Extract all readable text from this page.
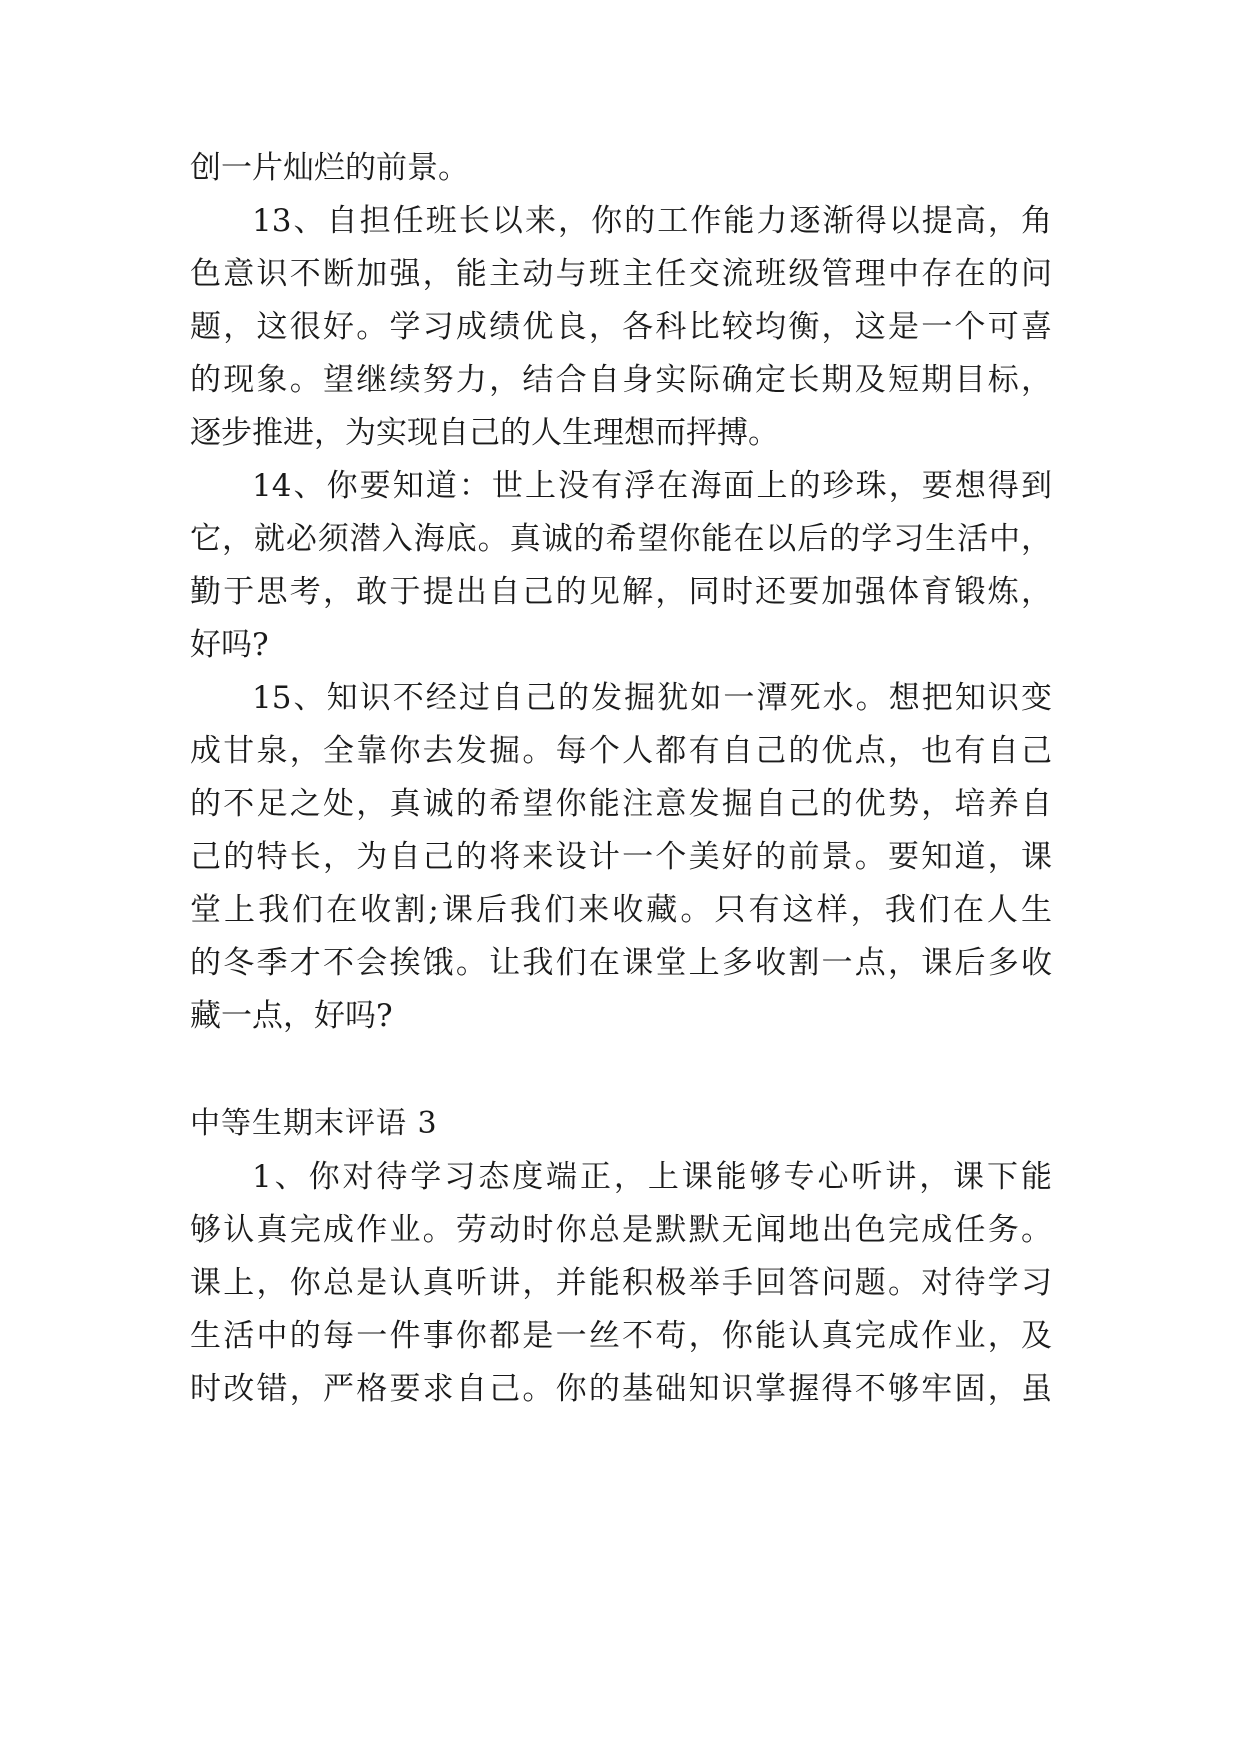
创一片灿烂的前景。
13、自担任班长以来，你的工作能力逐渐得以提高，角
色意识不断加强，能主动与班主任交流班级管理中存在的问
题，这很好。学习成绩优良，各科比较均衡，这是一个可喜
的现象。望继续努力，结合自身实际确定长期及短期目标，
逐步推进，为实现自己的人生理想而抨搏。
14、你要知道：世上没有浮在海面上的珍珠，要想得到
它，就必须潜入海底。真诚的希望你能在以后的学习生活中，
勤于思考，敢于提出自己的见解，同时还要加强体育锻炼，
好吗?
15、知识不经过自己的发掘犹如一潭死水。想把知识变
成甘泉，全靠你去发掘。每个人都有自己的优点，也有自己
的不足之处，真诚的希望你能注意发掘自己的优势，培养自
己的特长，为自己的将来设计一个美好的前景。要知道，课
堂上我们在收割;课后我们来收藏。只有这样，我们在人生
的冬季才不会挨饿。让我们在课堂上多收割一点，课后多收
藏一点，好吗?
中等生期末评语 3
1、你对待学习态度端正，上课能够专心听讲，课下能
够认真完成作业。劳动时你总是默默无闻地出色完成任务。
课上，你总是认真听讲，并能积极举手回答问题。对待学习
生活中的每一件事你都是一丝不苟，你能认真完成作业，及
时改错，严格要求自己。你的基础知识掌握得不够牢固，虽
